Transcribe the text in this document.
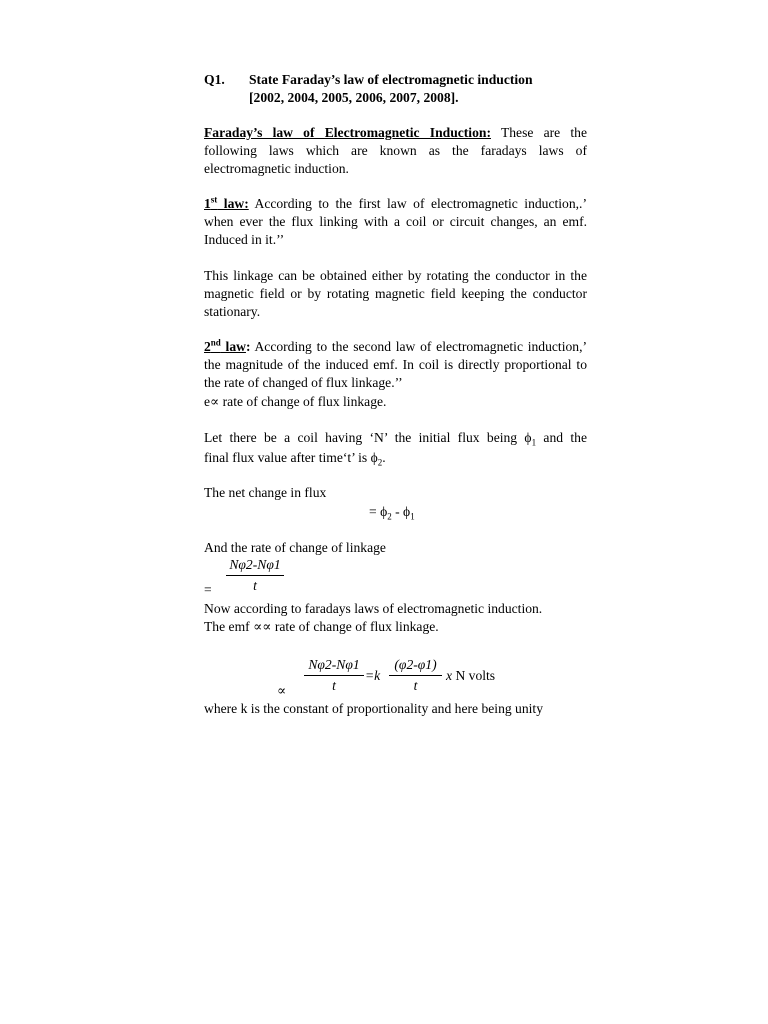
Q1. State Faraday’s law of electromagnetic induction
[2002, 2004, 2005, 2006, 2007, 2008].

Faraday’s law of Electromagnetic Induction: These are the following laws which are known as the faradays laws of electromagnetic induction.

1st law: According to the first law of electromagnetic induction,.’ when ever the flux linking with a coil or circuit changes, an emf. Induced in it.’’

This linkage can be obtained either by rotating the conductor in the magnetic field or by rotating magnetic field keeping the conductor stationary.

2nd law: According to the second law of electromagnetic induction,’ the magnitude of the induced emf. In coil is directly proportional to the rate of changed of flux linkage.’’

e∝ rate of change of flux linkage.
Let there be a coil having ‘N’ the initial flux being $\phi_1$ and the
final flux value after time‘t’ is $\phi_2$.
The net change in flux
= $\phi_2 - \phi_1$
And the rate of change of linkage
$\frac{N\varphi 2-N\varphi 1}{t}$
=
Now according to faradays laws of electromagnetic induction.
The emf ∝∝ rate of change of flux linkage.
∝ $\frac{N\varphi 2-N\varphi 1}{t} =k \frac{(\varphi 2-\varphi 1)}{t}$ x N volts
where k is the constant of proportionality and here being unity
